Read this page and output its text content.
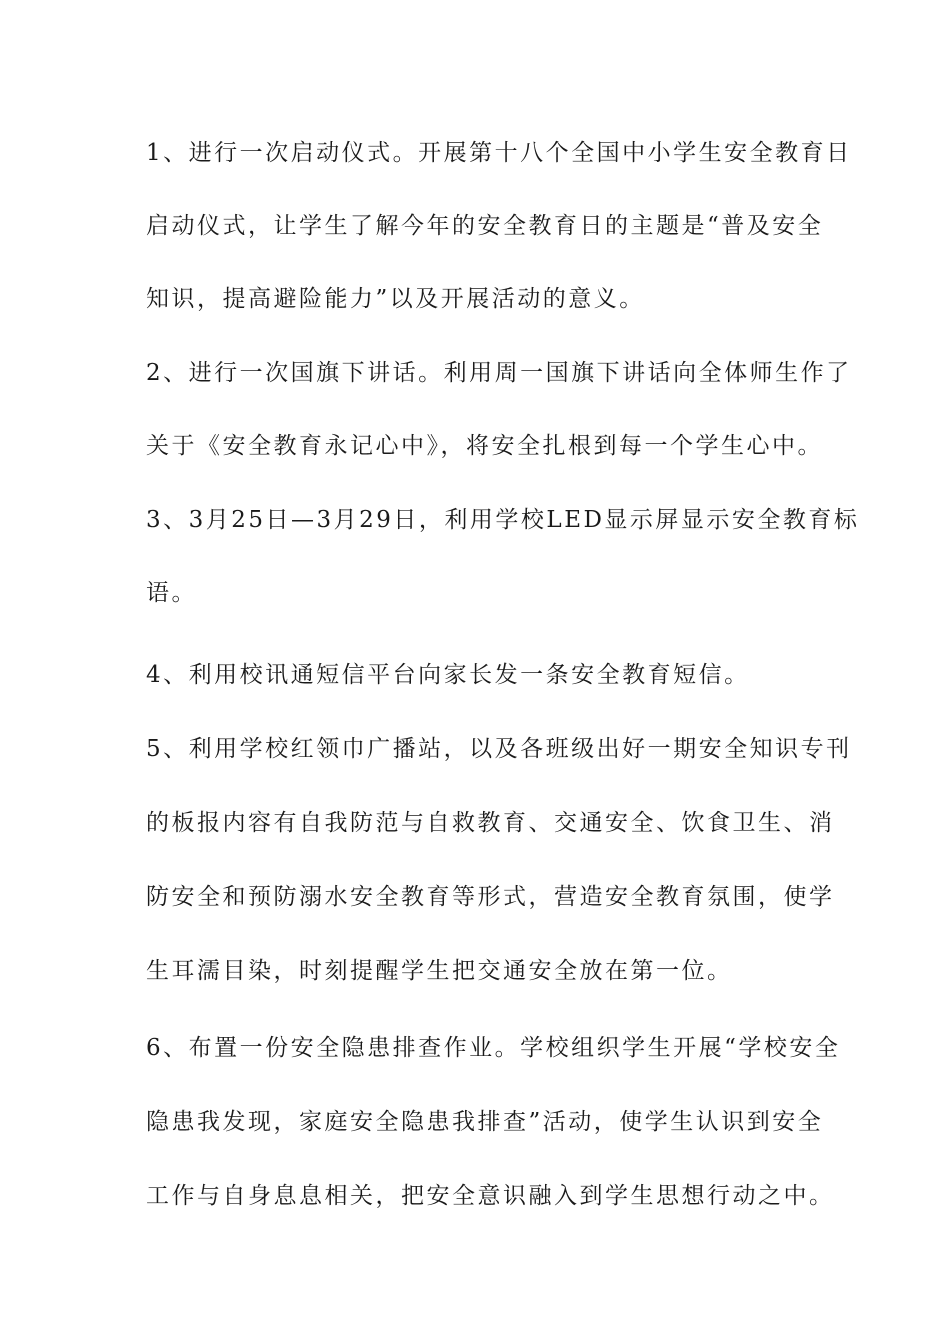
1、进行一次启动仪式。开展第十八个全国中小学生安全教育日
启动仪式，让学生了解今年的安全教育日的主题是“普及安全
知识，提高避险能力”以及开展活动的意义。
2、进行一次国旗下讲话。利用周一国旗下讲话向全体师生作了
关于《安全教育永记心中》，将安全扎根到每一个学生心中。
3、3月25日—3月29日，利用学校LED显示屏显示安全教育标
语。
4、利用校讯通短信平台向家长发一条安全教育短信。
5、利用学校红领巾广播站，以及各班级出好一期安全知识专刊
的板报内容有自我防范与自救教育、交通安全、饮食卫生、消
防安全和预防溺水安全教育等形式，营造安全教育氛围，使学
生耳濡目染，时刻提醒学生把交通安全放在第一位。
6、布置一份安全隐患排查作业。学校组织学生开展“学校安全
隐患我发现，家庭安全隐患我排查”活动，使学生认识到安全
工作与自身息息相关，把安全意识融入到学生思想行动之中。
